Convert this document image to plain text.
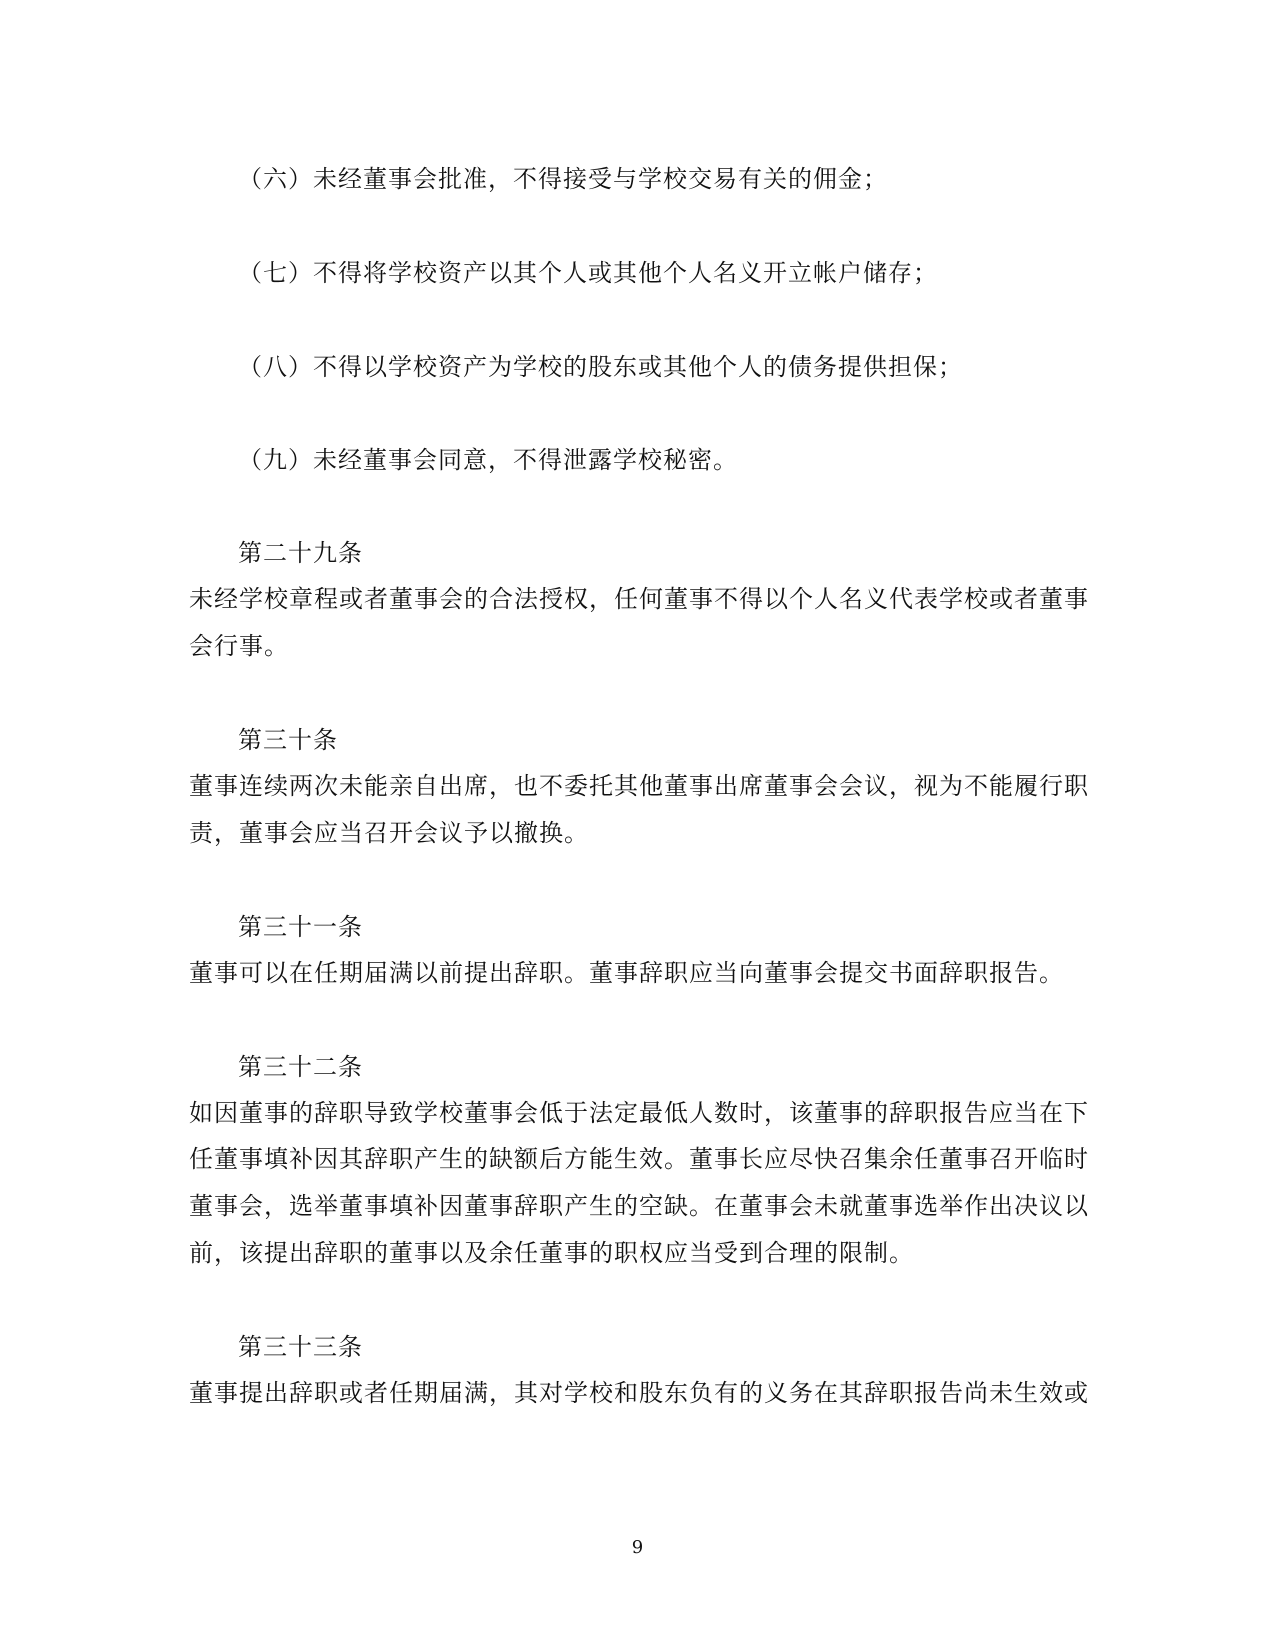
（六）未经董事会批准，不得接受与学校交易有关的佣金；
（七）不得将学校资产以其个人或其他个人名义开立帐户储存；
（八）不得以学校资产为学校的股东或其他个人的债务提供担保；
（九）未经董事会同意，不得泄露学校秘密。
第二十九条
未经学校章程或者董事会的合法授权，任何董事不得以个人名义代表学校或者董事
会行事。
第三十条
董事连续两次未能亲自出席，也不委托其他董事出席董事会会议，视为不能履行职
责，董事会应当召开会议予以撤换。
第三十一条
董事可以在任期届满以前提出辞职。董事辞职应当向董事会提交书面辞职报告。
第三十二条
如因董事的辞职导致学校董事会低于法定最低人数时，该董事的辞职报告应当在下
任董事填补因其辞职产生的缺额后方能生效。董事长应尽快召集余任董事召开临时
董事会，选举董事填补因董事辞职产生的空缺。在董事会未就董事选举作出决议以
前，该提出辞职的董事以及余任董事的职权应当受到合理的限制。
第三十三条
董事提出辞职或者任期届满，其对学校和股东负有的义务在其辞职报告尚未生效或
9
